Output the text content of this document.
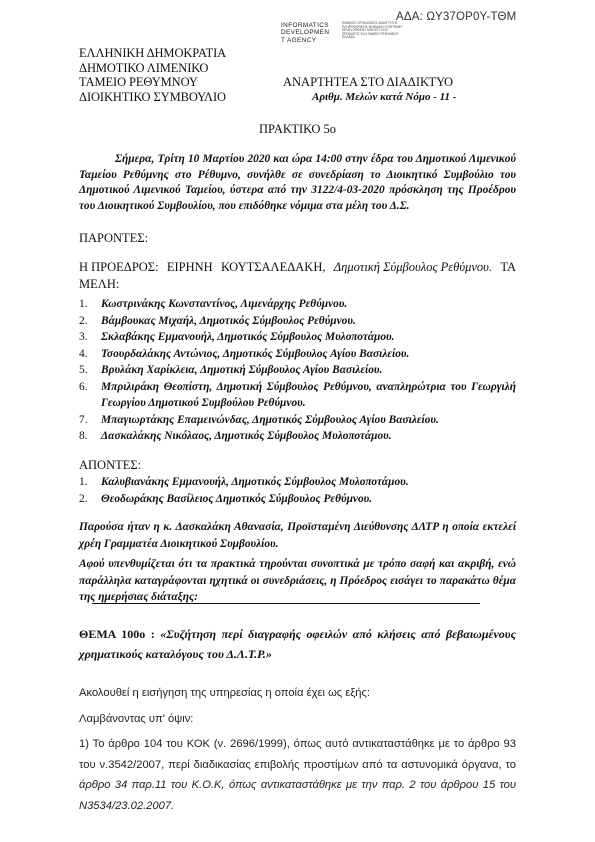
ΑΔΑ: ΩΥ37ΟΡ0Υ-ΤΘΜ
INFORMATICS
DEVELOPMEN
T AGENCY
ΕΘΝΙΚΟΣ ΟΡΓΑΝΙΣΜΟΣ ΑΝΑΠΤΥΞΗΣ ΠΛΗΡΟΦΟΡΙΚΗΣ ΨΗΦΙΑΚΗ ΥΠΟΓΡΑΦΗ DEVELOPMENT AGENCY GOV ΠΡΟΕΔΡΟΣ ΕΛΛ ΤΑΜΕΙΟ ΡΕΘΥΜΝΟΥ ΕΛΛΑΔΑ
ΕΛΛΗΝΙΚΗ ΔΗΜΟΚΡΑΤΙΑ
ΔΗΜΟΤΙΚΟ ΛΙΜΕΝΙΚΟ
ΤΑΜΕΙΟ ΡΕΘΥΜΝΟΥ
ΔΙΟΙΚΗΤΙΚΟ ΣΥΜΒΟΥΛΙΟ
ΑΝΑΡΤΗΤΕΑ ΣΤΟ ΔΙΑΔΙΚΤΥΟ
Αριθμ. Μελών κατά Νόμο - 11 -
ΠΡΑΚΤΙΚΟ 5ο
Σήμερα, Τρίτη 10 Μαρτίου 2020 και ώρα 14:00 στην έδρα του Δημοτικού Λιμενικού Ταμείου Ρεθύμνης στο Ρέθυμνο, συνήλθε σε συνεδρίαση το Διοικητικό Συμβούλιο του Δημοτικού Λιμενικού Ταμείου, ύστερα από την 3122/4-03-2020 πρόσκληση της Προέδρου του Διοικητικού Συμβουλίου, που επιδόθηκε νόμιμα στα μέλη του Δ.Σ.
ΠΑΡΟΝΤΕΣ:
Η ΠΡΟΕΔΡΟΣ: ΕΙΡΗΝΗ ΚΟΥΤΣΑΛΕΔΑΚΗ, Δημοτική Σύμβουλος Ρεθύμνου. ΤΑ
ΜΕΛΗ:
1.	Κωστρινάκης Κωνσταντίνος, Λιμενάρχης Ρεθύμνου.
2.	Βάμβουκας Μιχαήλ, Δημοτικός Σύμβουλος Ρεθύμνου.
3.	Σκλαβάκης Εμμανουήλ, Δημοτικός Σύμβουλος Μυλοποτάμου.
4.	Τσουρδαλάκης Αντώνιος, Δημοτικός Σύμβουλος Αγίου Βασιλείου.
5.	Βρυλάκη Χαρίκλεια, Δημοτική Σύμβουλος Αγίου Βασιλείου.
6.	Μπριλιράκη Θεοπίστη, Δημοτική Σύμβουλος Ρεθύμνου, αναπληρώτρια του Γεωργιλή Γεωργίου Δημοτικού Συμβούλου Ρεθύμνου.
7.	Μπαγιωρτάκης Επαμεινώνδας, Δημοτικός Σύμβουλος Αγίου Βασιλείου.
8.	Δασκαλάκης Νικόλαος, Δημοτικός Σύμβουλος Μυλοποτάμου.
ΑΠΟΝΤΕΣ:
1.	Καλυβιανάκης Εμμανουήλ, Δημοτικός Σύμβουλος Μυλοποτάμου.
2.	Θεοδωράκης Βασίλειος Δημοτικός Σύμβουλος Ρεθύμνου.
Παρούσα ήταν η κ. Δασκαλάκη Αθανασία, Προϊσταμένη Διεύθυνσης ΔΛΤΡ η οποία εκτελεί χρέη Γραμματέα Διοικητικού Συμβουλίου.
Αφού υπενθυμίζεται ότι τα πρακτικά τηρούνται συνοπτικά με τρόπο σαφή και ακριβή, ενώ παράλληλα καταγράφονται ηχητικά οι συνεδριάσεις, η Πρόεδρος εισάγει το παρακάτω θέμα της ημερήσιας διάταξης:
ΘΕΜΑ 100ο : «Συζήτηση περί διαγραφής οφειλών από κλήσεις από βεβαιωμένους χρηματικούς καταλόγους του Δ.Λ.Τ.Ρ.»
Ακολουθεί η εισήγηση της υπηρεσίας η οποία έχει ως εξής:
Λαμβάνοντας υπ' όψιν:
1) Το άρθρο 104 του ΚΟΚ (ν. 2696/1999), όπως αυτό αντικαταστάθηκε με το άρθρο 93 του ν.3542/2007, περί διαδικασίας επιβολής προστίμων από τα αστυνομικά όργανα, το άρθρο 34 παρ.11 του Κ.Ο.Κ, όπως αντικαταστάθηκε με την παρ. 2 του άρθρου 15 του Ν3534/23.02.2007.
